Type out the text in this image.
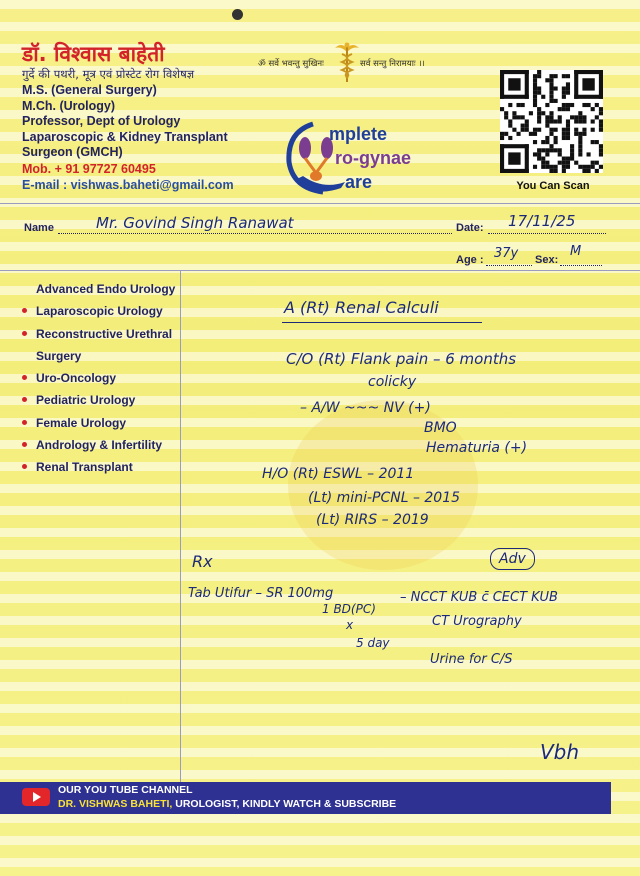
डॉ. विश्वास बाहेती
गुर्दे की पथरी, मूत्र एवं प्रोस्टेट रोग विशेषज्ञ
M.S. (General Surgery)
M.Ch. (Urology)
Professor, Dept of Urology
Laparoscopic & Kidney Transplant
Surgeon (GMCH)
Mob. + 91 97727 60495
E-mail : vishwas.baheti@gmail.com
ॐ सर्वे भवन्तु सुखिनः	सर्व सन्तु निरामयाः ।।
mplete
ro-gynae
are	You Can Scan
Name	Mr. Govind Singh Ranawat	Date: 17/11/25
Age : 37y Sex:
M
Advanced Endo Urology
Laparoscopic Urology
Reconstructive Urethral
Surgery
Uro-Oncology
Pediatric Urology
Female Urology
Andrology & Infertility
Renal Transplant
A (Rt) Renal Calculi
C/O (Rt) Flank pain – 6 months
colicky
– A/W ~~~ NV (+)
BMO
Hematuria (+)
H/O (Rt) ESWL – 2011
(Lt) mini-PCNL – 2015
(Lt) RIRS – 2019
Adv
Rx
Tab Utifur – SR 100mg
1 BD(PC)
x
5 day
– NCCT KUB c̄ CECT KUB
CT Urography
Urine for C/S
Vbh
OUR YOU TUBE CHANNEL
DR. VISHWAS BAHETI, UROLOGIST, KINDLY WATCH & SUBSCRIBE
